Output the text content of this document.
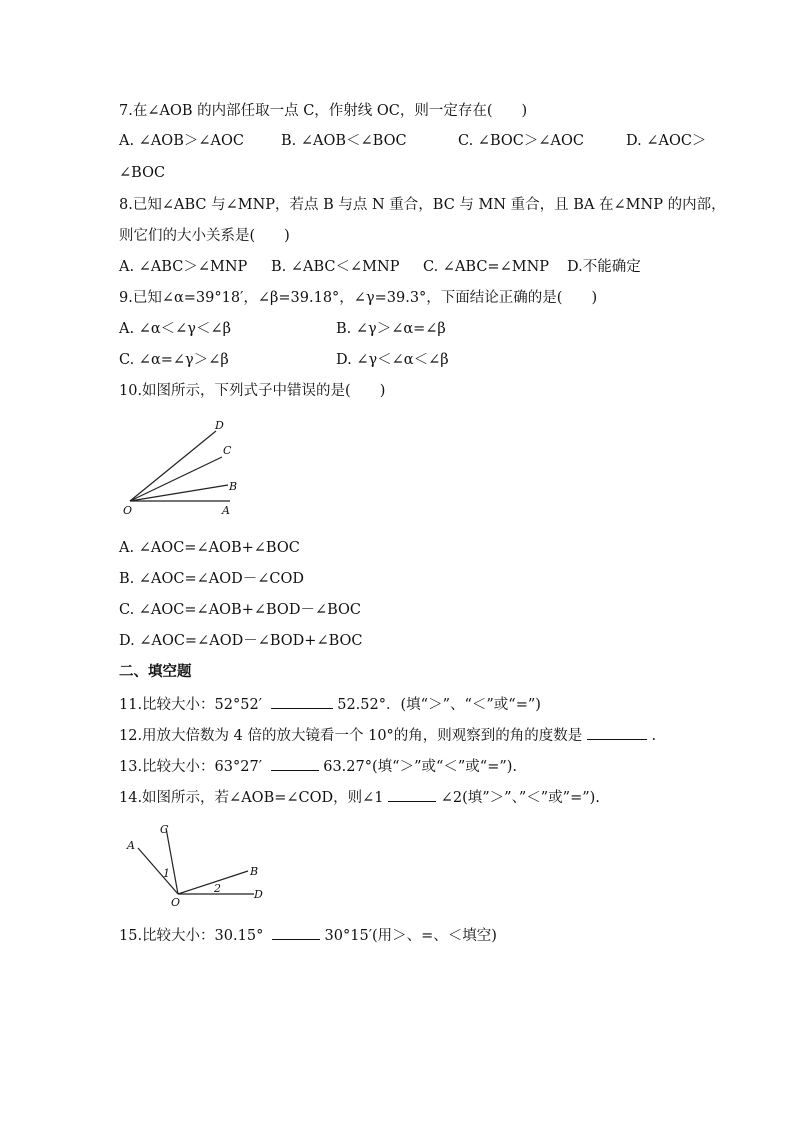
7.在∠AOB 的内部任取一点 C，作射线 OC，则一定存在(　　)
A. ∠AOB＞∠AOC	B. ∠AOB＜∠BOC	C. ∠BOC＞∠AOC	D. ∠AOC＞
∠BOC
8.已知∠ABC 与∠MNP，若点 B 与点 N 重合，BC 与 MN 重合，且 BA 在∠MNP 的内部，
则它们的大小关系是(　　)
A. ∠ABC＞∠MNP B. ∠ABC＜∠MNP C. ∠ABC=∠MNP D.不能确定
9.已知∠α=39°18′，∠β=39.18°，∠γ=39.3°，下面结论正确的是(　　)
A. ∠α＜∠γ＜∠β	B. ∠γ＞∠α=∠β
C. ∠α=∠γ＞∠β	D. ∠γ＜∠α＜∠β
10.如图所示，下列式子中错误的是(　　)
D
C
B
O	A
A. ∠AOC=∠AOB+∠BOC
B. ∠AOC=∠AOD－∠COD
C. ∠AOC=∠AOB+∠BOD－∠BOC
D. ∠AOC=∠AOD－∠BOD+∠BOC
二、填空题
11.比较大小：52°52′	52.52°．(填“＞”、“＜”或“=”)
12.用放大倍数为 4 倍的放大镜看一个 10°的角，则观察到的角的度数是	.
13.比较大小：63°27′	63.27°(填“＞”或“＜”或“=”).
14.如图所示，若∠AOB=∠COD，则∠1	∠2(填”＞”、”＜”或”=”).
A
C
B
D
O
1
2
15.比较大小：30.15°	30°15′(用＞、=、＜填空)
